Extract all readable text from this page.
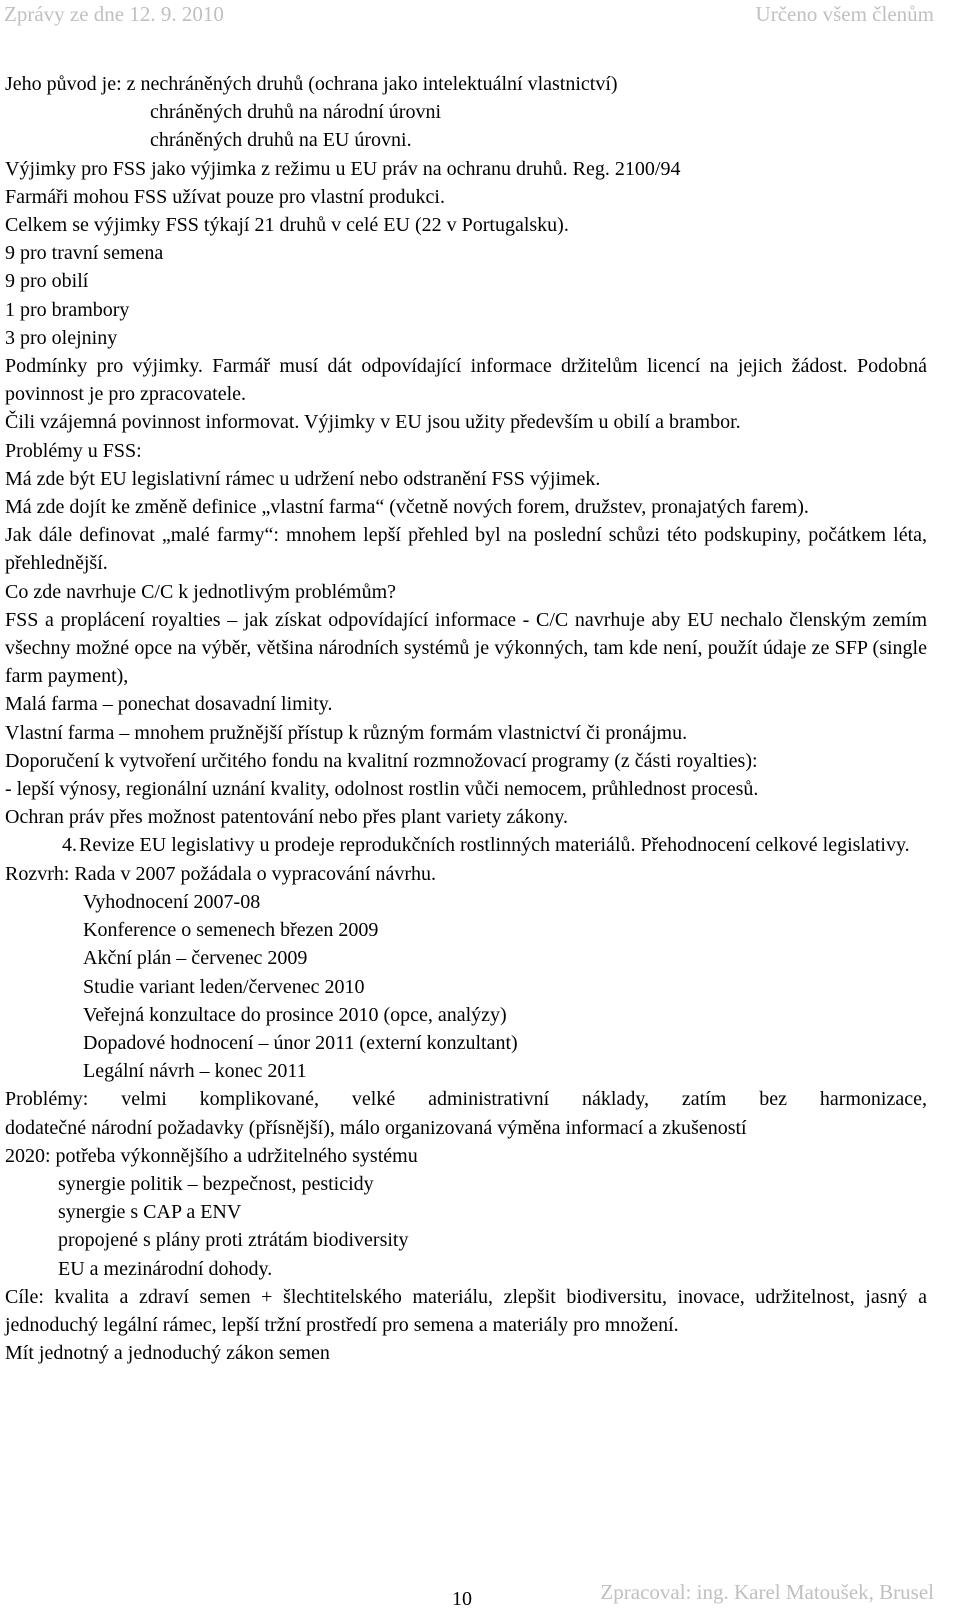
Zprávy ze dne 12. 9. 2010	Určeno všem členům
Jeho původ je: z nechráněných druhů (ochrana jako intelektuální vlastnictví)
chráněných druhů na národní úrovni
chráněných druhů na EU úrovni.
Výjimky pro FSS jako výjimka z režimu u EU práv na ochranu druhů. Reg. 2100/94
Farmáři mohou FSS užívat pouze pro vlastní produkci.
Celkem se výjimky FSS týkají 21 druhů v celé EU (22 v Portugalsku).
9 pro travní semena
9 pro obilí
1 pro brambory
3 pro olejniny
Podmínky pro výjimky. Farmář musí dát odpovídající informace držitelům licencí na jejich žádost. Podobná povinnost je pro zpracovatele.
Čili vzájemná povinnost informovat. Výjimky v EU jsou užity především u obilí a brambor.
Problémy u FSS:
Má zde být EU legislativní rámec u udržení nebo odstranění FSS výjimek.
Má zde dojít ke změně definice „vlastní farma“ (včetně nových forem, družstev, pronajatých farem).
Jak dále definovat „malé farmy“: mnohem lepší přehled byl na poslední schůzi této podskupiny, počátkem léta, přehlednější.
Co zde navrhuje C/C k jednotlivým problémům?
FSS a proplácení royalties – jak získat odpovídající informace - C/C navrhuje aby EU nechalo členským zemím všechny možné opce na výběr, většina národních systémů je výkonných, tam kde není, použít údaje ze SFP (single farm payment),
Malá farma – ponechat dosavadní limity.
Vlastní farma – mnohem pružnější přístup k různým formám vlastnictví či pronájmu.
Doporučení k vytvoření určitého fondu na kvalitní rozmnožovací programy (z části royalties):
- lepší výnosy, regionální uznání kvality, odolnost rostlin vůči nemocem, průhlednost procesů.
Ochran práv přes možnost patentování nebo přes plant variety zákony.
4. Revize EU legislativy u prodeje reprodukčních rostlinných materiálů. Přehodnocení celkové legislativy.
Rozvrh: Rada v 2007 požádala o vypracování návrhu.
Vyhodnocení 2007-08
Konference o semenech březen 2009
Akční plán – červenec 2009
Studie variant leden/červenec 2010
Veřejná konzultace do prosince 2010 (opce, analýzy)
Dopadové hodnocení – únor 2011 (externí konzultant)
Legální návrh – konec 2011
Problémy: velmi komplikované, velké administrativní náklady, zatím bez harmonizace,
dodatečné národní požadavky (přísnější), málo organizovaná výměna informací a zkušeností
2020: potřeba výkonnějšího a udržitelného systému
synergie politik – bezpečnost, pesticidy
synergie s CAP a ENV
propojené s plány proti ztrátám biodiversity
EU a mezinárodní dohody.
Cíle: kvalita a zdraví semen + šlechtitelského materiálu, zlepšit biodiversitu, inovace, udržitelnost, jasný a jednoduchý legální rámec, lepší tržní prostředí pro semena a materiály pro množení.
Mít jednotný a jednoduchý zákon semen
10	Zpracoval: ing. Karel Matoušek, Brusel
